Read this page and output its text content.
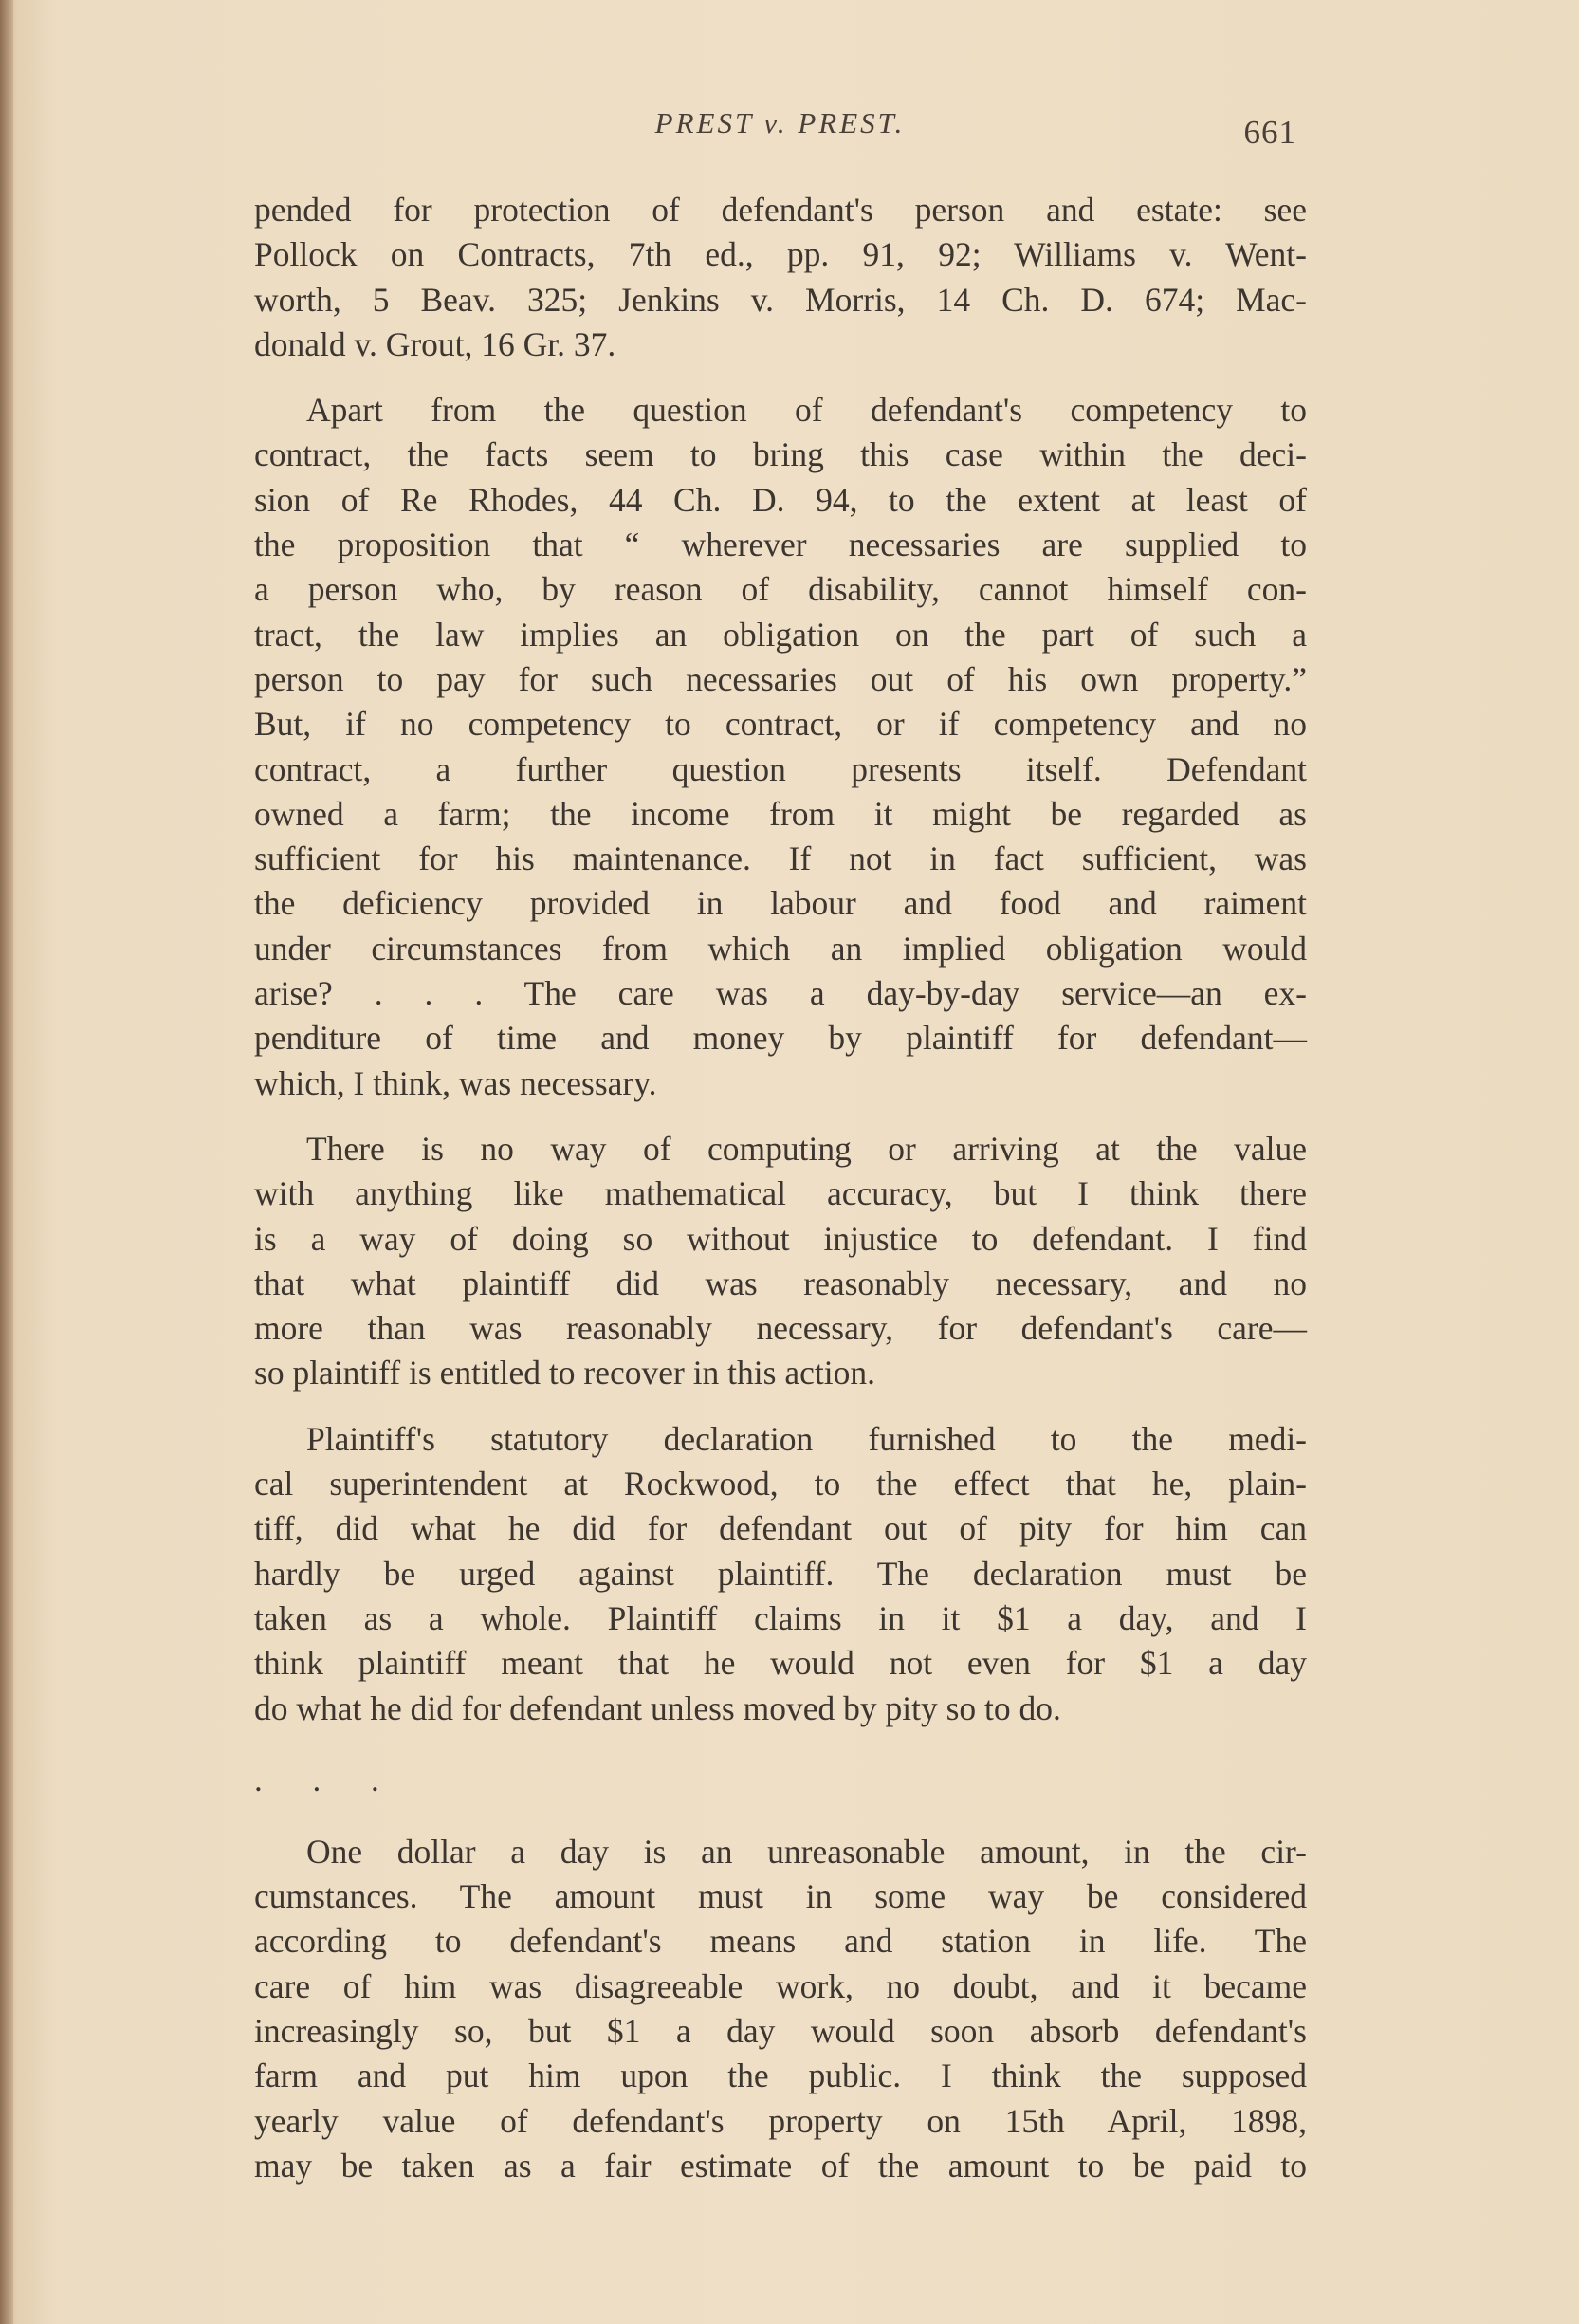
PREST v. PREST.	661

pended for protection of defendant's person and estate: see
Pollock on Contracts, 7th ed., pp. 91, 92; Williams v. Went-
worth, 5 Beav. 325; Jenkins v. Morris, 14 Ch. D. 674; Mac-
donald v. Grout, 16 Gr. 37.

Apart from the question of defendant's competency to
contract, the facts seem to bring this case within the deci-
sion of Re Rhodes, 44 Ch. D. 94, to the extent at least of
the proposition that “ wherever necessaries are supplied to
a person who, by reason of disability, cannot himself con-
tract, the law implies an obligation on the part of such a
person to pay for such necessaries out of his own property.”
But, if no competency to contract, or if competency and no
contract, a further question presents itself. Defendant
owned a farm; the income from it might be regarded as
sufficient for his maintenance. If not in fact sufficient, was
the deficiency provided in labour and food and raiment
under circumstances from which an implied obligation would
arise? . . . The care was a day-by-day service—an ex-
penditure of time and money by plaintiff for defendant—
which, I think, was necessary.

There is no way of computing or arriving at the value
with anything like mathematical accuracy, but I think there
is a way of doing so without injustice to defendant. I find
that what plaintiff did was reasonably necessary, and no
more than was reasonably necessary, for defendant's care—
so plaintiff is entitled to recover in this action.

Plaintiff's statutory declaration furnished to the medi-
cal superintendent at Rockwood, to the effect that he, plain-
tiff, did what he did for defendant out of pity for him can
hardly be urged against plaintiff. The declaration must be
taken as a whole. Plaintiff claims in it $1 a day, and I
think plaintiff meant that he would not even for $1 a day
do what he did for defendant unless moved by pity so to do.

. . .

One dollar a day is an unreasonable amount, in the cir-
cumstances. The amount must in some way be considered
according to defendant's means and station in life. The
care of him was disagreeable work, no doubt, and it became
increasingly so, but $1 a day would soon absorb defendant's
farm and put him upon the public. I think the supposed
yearly value of defendant's property on 15th April, 1898,
may be taken as a fair estimate of the amount to be paid to
